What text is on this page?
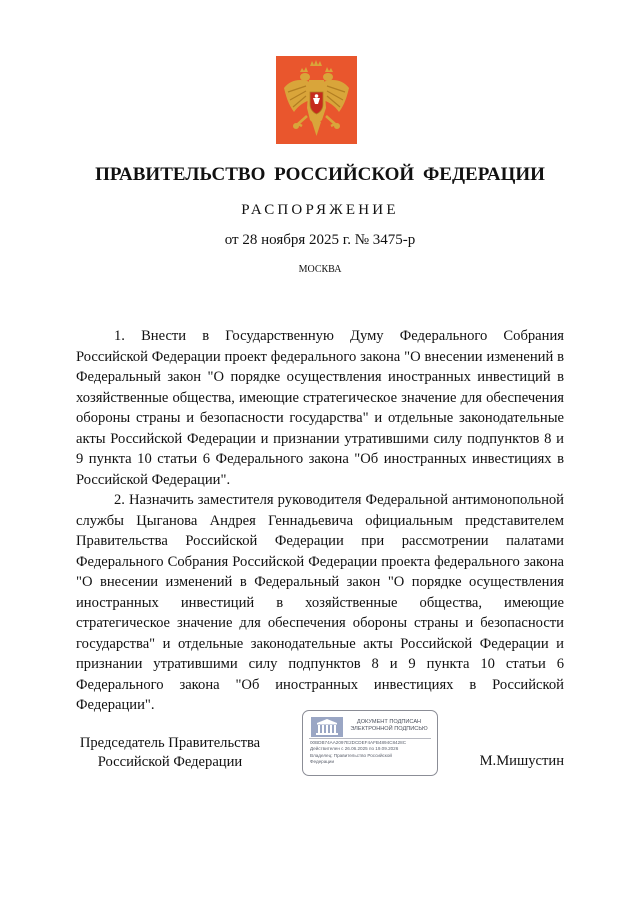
ПРАВИТЕЛЬСТВО РОССИЙСКОЙ ФЕДЕРАЦИИ
РАСПОРЯЖЕНИЕ
от 28 ноября 2025 г. № 3475-р
МОСКВА

1. Внести в Государственную Думу Федерального Собрания Российской Федерации проект федерального закона "О внесении изменений в Федеральный закон "О порядке осуществления иностранных инвестиций в хозяйственные общества, имеющие стратегическое значение для обеспечения обороны страны и безопасности государства" и отдельные законодательные акты Российской Федерации и признании утратившими силу подпунктов 8 и 9 пункта 10 статьи 6 Федерального закона "Об иностранных инвестициях в Российской Федерации".

2. Назначить заместителя руководителя Федеральной антимонопольной службы Цыганова Андрея Геннадьевича официальным представителем Правительства Российской Федерации при рассмотрении палатами Федерального Собрания Российской Федерации проекта федерального закона "О внесении изменений в Федеральный закон "О порядке осуществления иностранных инвестиций в хозяйственные общества, имеющие стратегическое значение для обеспечения обороны страны и безопасности государства" и отдельные законодательные акты Российской Федерации и признании утратившими силу подпунктов 8 и 9 пункта 10 статьи 6 Федерального закона "Об иностранных инвестициях в Российской Федерации".

Председатель Правительства
Российской Федерации
ДОКУМЕНТ ПОДПИСАН
ЭЛЕКТРОННОЙ ПОДПИСЬЮ
00BDB74AA2097E2DCDEF4AFB4894C8428C
Действителен с 26.06.2025 по 19.09.2026
Владелец: Правительство Российской
Федерации	М.Мишустин
